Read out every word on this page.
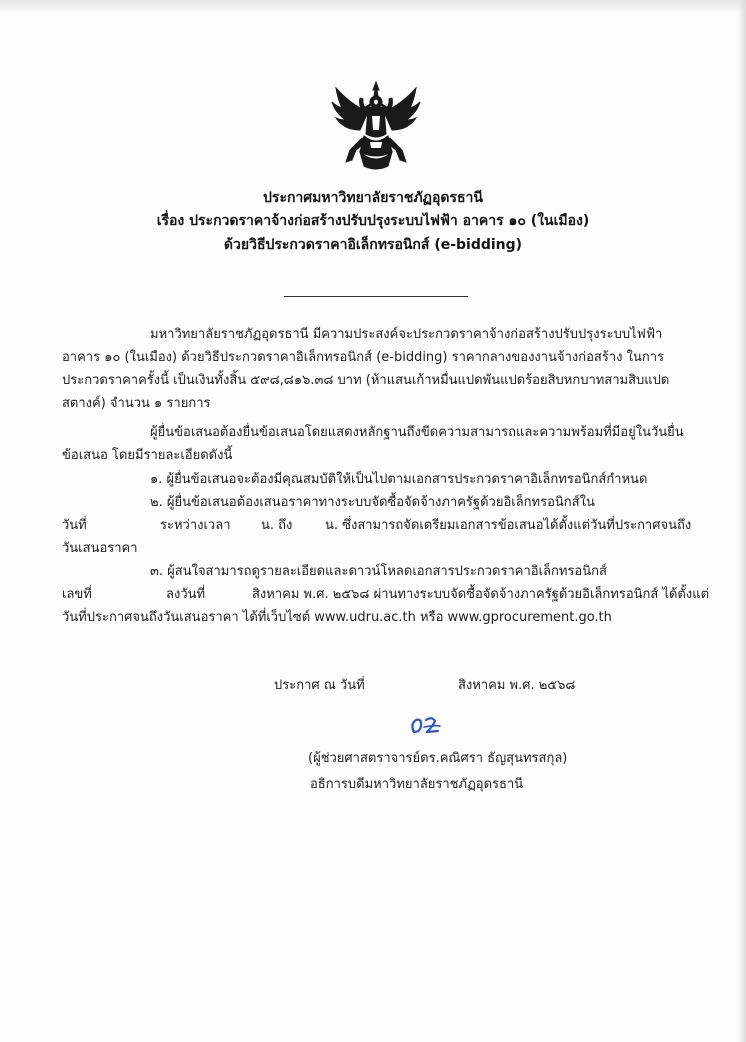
ประกาศมหาวิทยาลัยราชภัฏอุดรธานี
เรื่อง ประกวดราคาจ้างก่อสร้างปรับปรุงระบบไฟฟ้า อาคาร ๑๐ (ในเมือง)
ด้วยวิธีประกวดราคาอิเล็กทรอนิกส์ (e-bidding)
มหาวิทยาลัยราชภัฏอุดรธานี มีความประสงค์จะประกวดราคาจ้างก่อสร้างปรับปรุงระบบไฟฟ้า
อาคาร ๑๐ (ในเมือง) ด้วยวิธีประกวดราคาอิเล็กทรอนิกส์ (e-bidding) ราคากลางของงานจ้างก่อสร้าง ในการ
ประกวดราคาครั้งนี้ เป็นเงินทั้งสิ้น ๕๙๘,๘๑๖.๓๘ บาท (ห้าแสนเก้าหมื่นแปดพันแปดร้อยสิบหกบาทสามสิบแปด
สตางค์) จำนวน ๑ รายการ
ผู้ยื่นข้อเสนอต้องยื่นข้อเสนอโดยแสดงหลักฐานถึงขีดความสามารถและความพร้อมที่มีอยู่ในวันยื่น
ข้อเสนอ โดยมีรายละเอียดดังนี้
๑. ผู้ยื่นข้อเสนอจะต้องมีคุณสมบัติให้เป็นไปตามเอกสารประกวดราคาอิเล็กทรอนิกส์กำหนด
๒. ผู้ยื่นข้อเสนอต้องเสนอราคาทางระบบจัดซื้อจัดจ้างภาครัฐด้วยอิเล็กทรอนิกส์ใน
วันที่	ระหว่างเวลา น. ถึง	น. ซึ่งสามารถจัดเตรียมเอกสารข้อเสนอได้ตั้งแต่วันที่ประกาศจนถึง
วันเสนอราคา
๓. ผู้สนใจสามารถดูรายละเอียดและดาวน์โหลดเอกสารประกวดราคาอิเล็กทรอนิกส์
เลขที่	ลงวันที่	สิงหาคม พ.ศ. ๒๕๖๘ ผ่านทางระบบจัดซื้อจัดจ้างภาครัฐด้วยอิเล็กทรอนิกส์ ได้ตั้งแต่
วันที่ประกาศจนถึงวันเสนอราคา ได้ที่เว็บไซต์ www.udru.ac.th หรือ www.gprocurement.go.th
ประกาศ ณ วันที่	สิงหาคม พ.ศ. ๒๕๖๘
(ผู้ช่วยศาสตราจารย์ดร.คณิศรา ธัญสุนทรสกุล)
อธิการบดีมหาวิทยาลัยราชภัฏอุดรธานี
